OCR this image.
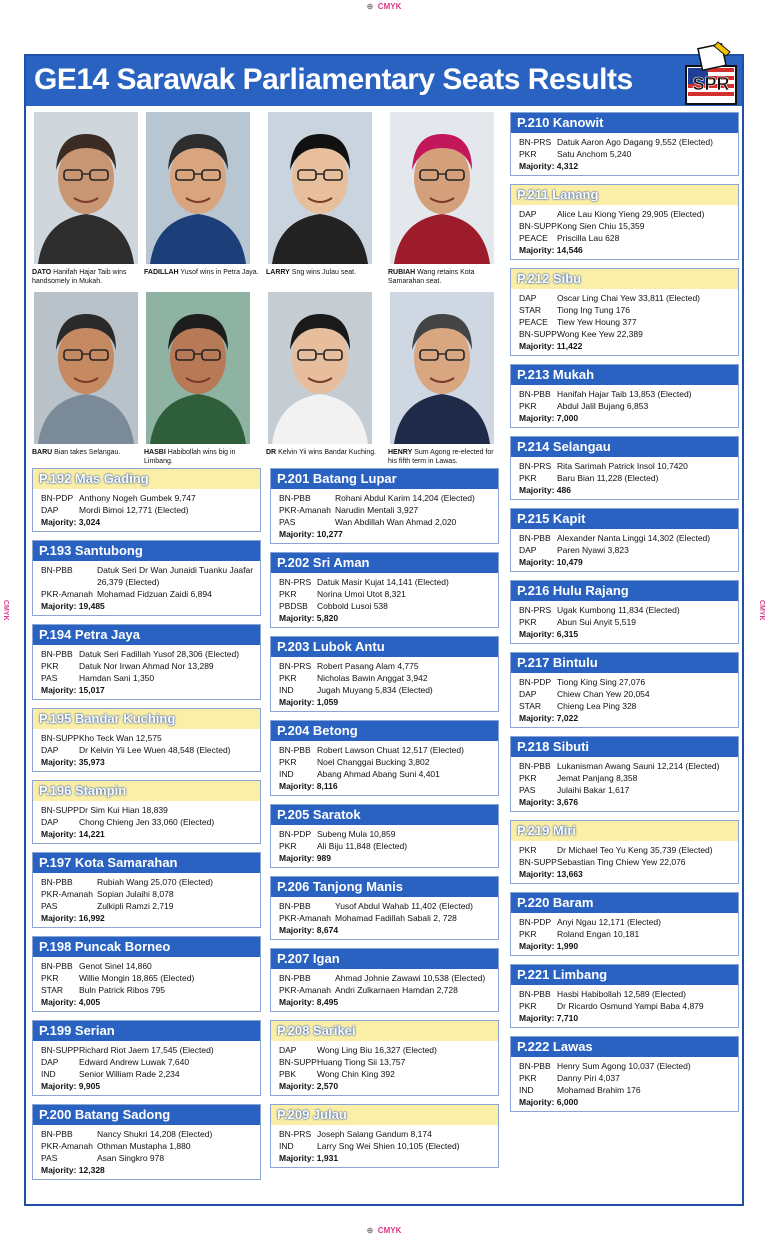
⊕  CMYK
⊕  CMYK
CMYK	CMYK
GE14 Sarawak Parliamentary Seats Results	SPR
DATO Hanifah Hajar Taib wins handsomely in Mukah.
FADILLAH Yusof wins in Petra Jaya. LARRY Sng wins Julau seat.	RUBIAH Wang retains Kota Samarahan seat.
BARU Bian takes Selangau.	HASBI Habibollah wins big in Limbang.
DR Kelvin Yii wins Bandar Kuching.	HENRY Sum Agong re-elected for his fifth term in Lawas.
P.192 Mas Gading
BN-PDP Anthony Nogeh Gumbek 9,747
DAP	Mordi Bimoi 12,771 (Elected)
Majority: 3,024
P.193 Santubong
BN-PBB	Datuk Seri Dr Wan Junaidi Tuanku Jaafar
26,379 (Elected)
PKR-Amanah Mohamad Fidzuan Zaidi 6,894
Majority: 19,485
P.194 Petra Jaya
BN-PBB Datuk Seri Fadillah Yusof 28,306 (Elected)
PKR	Datuk Nor Irwan Ahmad Nor 13,289
PAS	Hamdan Sani 1,350
Majority: 15,017
P.195 Bandar Kuching
BN-SUPP Kho Teck Wan 12,575
DAP	Dr Kelvin Yii Lee Wuen 48,548 (Elected)
Majority: 35,973
P.196 Stampin
BN-SUPP Dr Sim Kui Hian 18,839
DAP	Chong Chieng Jen 33,060 (Elected)
Majority: 14,221
P.197 Kota Samarahan
BN-PBB	Rubiah Wang 25,070 (Elected)
PKR-Amanah Sopian Julaihi 8,078
PAS	Zulkipli Ramzi 2,719
Majority: 16,992
P.198 Puncak Borneo
BN-PBB Genot Sinel 14,860
PKR	Willie Mongin 18,865 (Elected)
STAR	Buln Patrick Ribos 795
Majority: 4,005
P.199 Serian
BN-SUPP Richard Riot Jaem 17,545 (Elected)
DAP	Edward Andrew Luwak 7,640
IND	Senior William Rade 2,234
Majority: 9,905
P.200 Batang Sadong
BN-PBB	Nancy Shukri 14,208 (Elected)
PKR-Amanah Othman Mustapha 1,880
PAS	Asan Singkro 978
Majority: 12,328
P.201 Batang Lupar
BN-PBB	Rohani Abdul Karim 14,204 (Elected)
PKR-Amanah Narudin Mentali 3,927
PAS	Wan Abdillah Wan Ahmad 2,020
Majority: 10,277
P.202 Sri Aman
BN-PRS Datuk Masir Kujat 14,141 (Elected)
PKR	Norina Umoi Utot 8,321
PBDSB	Cobbold Lusoi 538
Majority: 5,820
P.203 Lubok Antu
BN-PRS Robert Pasang Alam 4,775
PKR	Nicholas Bawin Anggat 3,942
IND	Jugah Muyang 5,834 (Elected)
Majority: 1,059
P.204 Betong
BN-PBB Robert Lawson Chuat 12,517 (Elected)
PKR	Noel Changgai Bucking 3,802
IND	Abang Ahmad Abang Suni 4,401
Majority: 8,116
P.205 Saratok
BN-PDP Subeng Mula 10,859
PKR	Ali Biju 11,848 (Elected)
Majority: 989
P.206 Tanjong Manis
BN-PBB	Yusof Abdul Wahab 11,402 (Elected)
PKR-Amanah Mohamad Fadillah Sabali 2, 728
Majority: 8,674
P.207 Igan
BN-PBB	Ahmad Johnie Zawawi 10,538 (Elected)
PKR-Amanah Andri Zulkarnaen Hamdan 2,728
Majority: 8,495
P.208 Sarikei
DAP	Wong Ling Biu 16,327 (Elected)
BN-SUPP Huang Tiong Sii 13,757
PBK	Wong Chin King 392
Majority: 2,570
P.209 Julau
BN-PRS Joseph Salang Gandum 8,174
IND	Larry Sng Wei Shien 10,105 (Elected)
Majority: 1,931
P.210 Kanowit
BN-PRS Datuk Aaron Ago Dagang 9,552 (Elected)
PKR	Satu Anchom 5,240
Majority: 4,312
P.211 Lanang
DAP	Alice Lau Kiong Yieng 29,905 (Elected)
BN-SUPP Kong Sien Chiu 15,359
PEACE	Priscilla Lau 628
Majority: 14,546
P.212 Sibu
DAP	Oscar Ling Chai Yew 33,811 (Elected)
STAR	Tiong Ing Tung 176
PEACE	Tiew Yew Houng 377
BN-SUPP Wong Kee Yew 22,389
Majority: 11,422
P.213 Mukah
BN-PBB Hanifah Hajar Taib 13,853 (Elected)
PKR	Abdul Jalil Bujang 6,853
Majority: 7,000
P.214 Selangau
BN-PRS Rita Sarimah Patrick Insol 10,7420
PKR	Baru Bian 11,228 (Elected)
Majority: 486
P.215 Kapit
BN-PBB Alexander Nanta Linggi 14,302 (Elected)
DAP	Paren Nyawi 3,823
Majority: 10,479
P.216 Hulu Rajang
BN-PRS Ugak Kumbong 11,834 (Elected)
PKR	Abun Sui Anyit 5,519
Majority: 6,315
P.217 Bintulu
BN-PDP Tiong King Sing 27,076
DAP	Chiew Chan Yew 20,054
STAR	Chieng Lea Ping 328
Majority: 7,022
P.218 Sibuti
BN-PBB Lukanisman Awang Sauni 12,214 (Elected)
PKR	Jemat Panjang 8,358
PAS	Julaihi Bakar 1,617
Majority: 3,676
P.219 Miri
PKR	Dr Michael Teo Yu Keng 35,739 (Elected)
BN-SUPP Sebastian Ting Chiew Yew 22,076
Majority: 13,663
P.220 Baram
BN-PDP Anyi Ngau 12,171 (Elected)
PKR	Roland Engan 10,181
Majority: 1,990
P.221 Limbang
BN-PBB Hasbi Habibollah 12,589 (Elected)
PKR	Dr Ricardo Osmund Yampi Baba 4,879
Majority: 7,710
P.222 Lawas
BN-PBB Henry Sum Agong 10,037 (Elected)
PKR	Danny Piri 4,037
IND	Mohamad Brahim 176
Majority: 6,000
